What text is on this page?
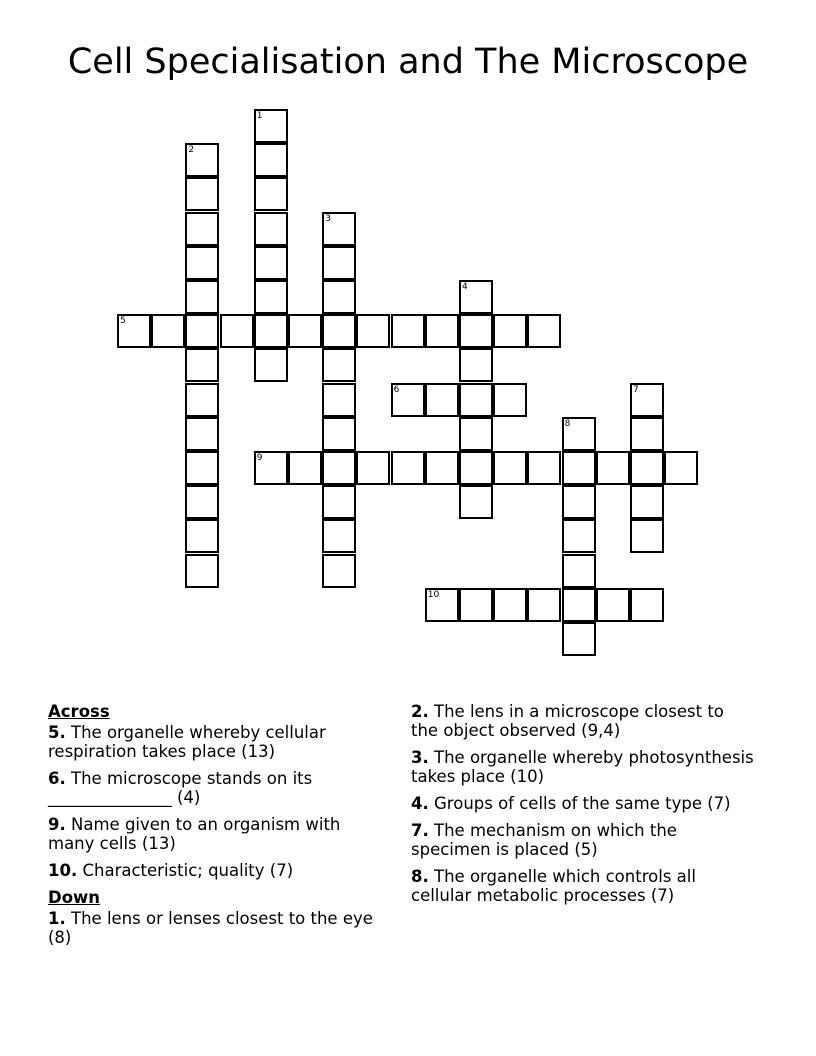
Cell Specialisation and The Microscope
1
2
3
4
5
6	7
8
9
10
Across
5. The organelle whereby cellular respiration takes place (13)
6. The microscope stands on its _______________ (4)
9. Name given to an organism with many cells (13)
10. Characteristic; quality (7)
Down
1. The lens or lenses closest to the eye (8)
2. The lens in a microscope closest to the object observed (9,4)
3. The organelle whereby photosynthesis takes place (10)
4. Groups of cells of the same type (7)
7. The mechanism on which the specimen is placed (5)
8. The organelle which controls all cellular metabolic processes (7)
